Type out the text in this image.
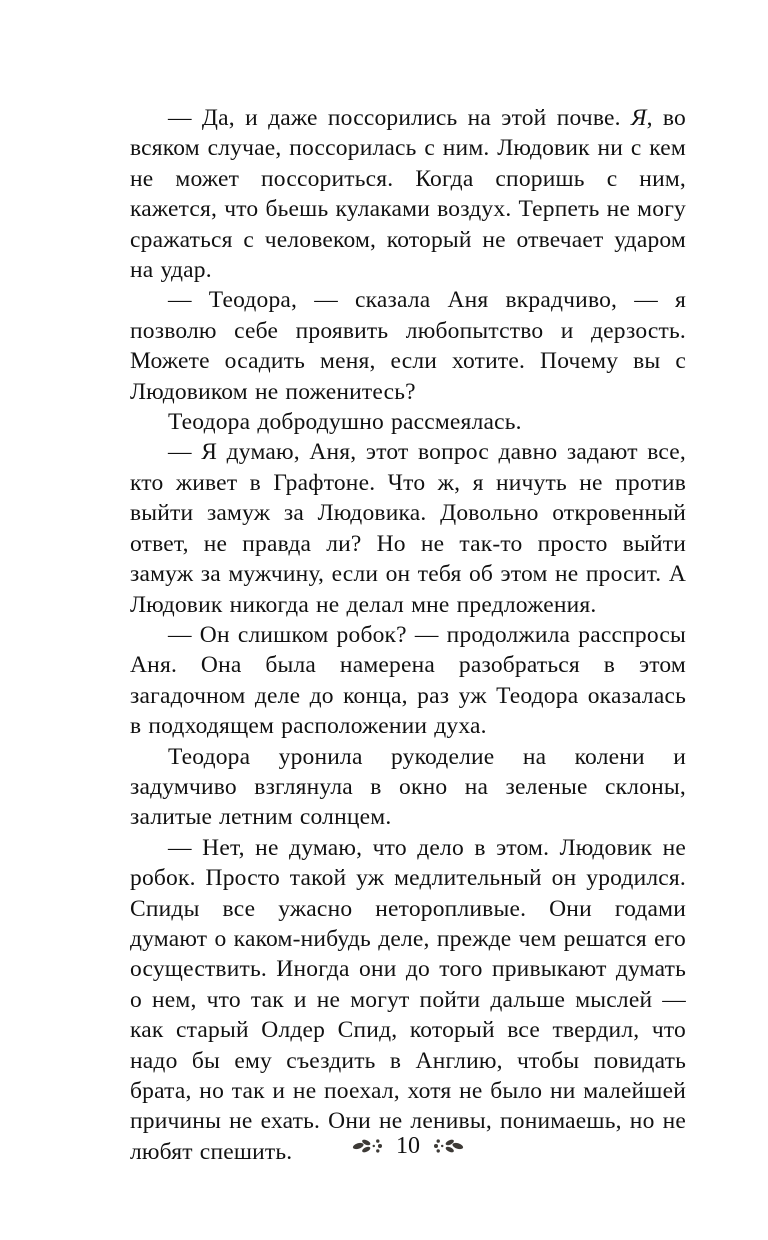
— Да, и даже поссорились на этой почве. Я, во всяком случае, поссорилась с ним. Людовик ни с кем не может поссориться. Когда споришь с ним, кажется, что бьешь кулаками воздух. Терпеть не могу сражаться с человеком, который не отвечает ударом на удар.

— Теодора, — сказала Аня вкрадчиво, — я позволю себе проявить любопытство и дерзость. Можете осадить меня, если хотите. Почему вы с Людовиком не поженитесь?

Теодора добродушно рассмеялась.

— Я думаю, Аня, этот вопрос давно задают все, кто живет в Графтоне. Что ж, я ничуть не против выйти замуж за Людовика. Довольно откровенный ответ, не правда ли? Но не так-то просто выйти замуж за мужчину, если он тебя об этом не просит. А Людовик никогда не делал мне предложения.

— Он слишком робок? — продолжила расспросы Аня. Она была намерена разобраться в этом загадочном деле до конца, раз уж Теодора оказалась в подходящем расположении духа.

Теодора уронила рукоделие на колени и задумчиво взглянула в окно на зеленые склоны, залитые летним солнцем.

— Нет, не думаю, что дело в этом. Людовик не робок. Просто такой уж медлительный он уродился. Спиды все ужасно неторопливые. Они годами думают о каком-нибудь деле, прежде чем решатся его осуществить. Иногда они до того привыкают думать о нем, что так и не могут пойти дальше мыслей — как старый Олдер Спид, который все твердил, что надо бы ему съездить в Англию, чтобы повидать брата, но так и не поехал, хотя не было ни малейшей причины не ехать. Они не ленивы, понимаешь, но не любят спешить.	10
